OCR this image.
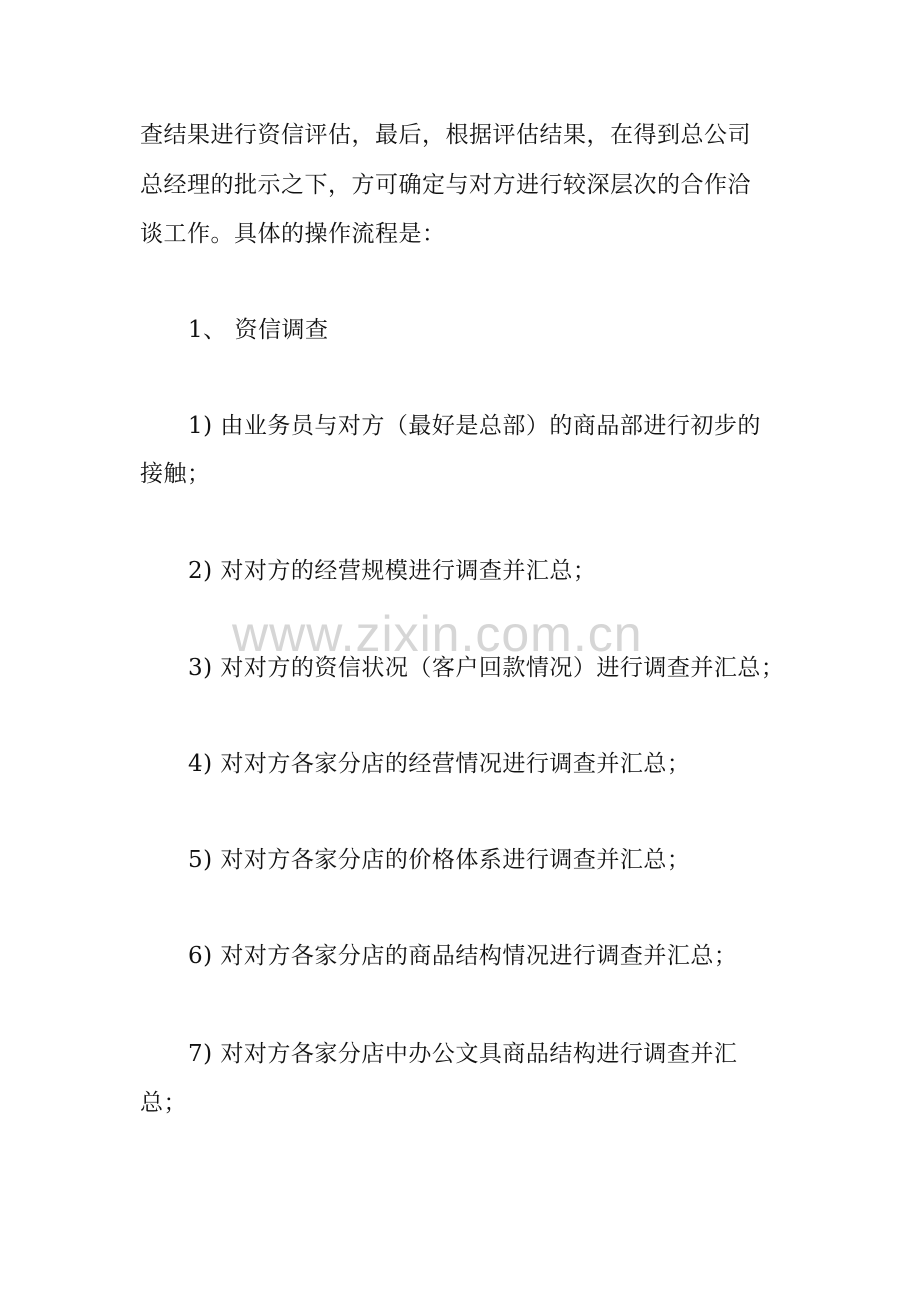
查结果进行资信评估，最后，根据评估结果，在得到总公司
总经理的批示之下，方可确定与对方进行较深层次的合作洽
谈工作。具体的操作流程是：
1、 资信调查
1) 由业务员与对方（最好是总部）的商品部进行初步的
接触；
2) 对对方的经营规模进行调查并汇总；
www.zixin.com.cn
3) 对对方的资信状况（客户回款情况）进行调查并汇总；
4) 对对方各家分店的经营情况进行调查并汇总；
5) 对对方各家分店的价格体系进行调查并汇总；
6) 对对方各家分店的商品结构情况进行调查并汇总；
7) 对对方各家分店中办公文具商品结构进行调查并汇
总；
